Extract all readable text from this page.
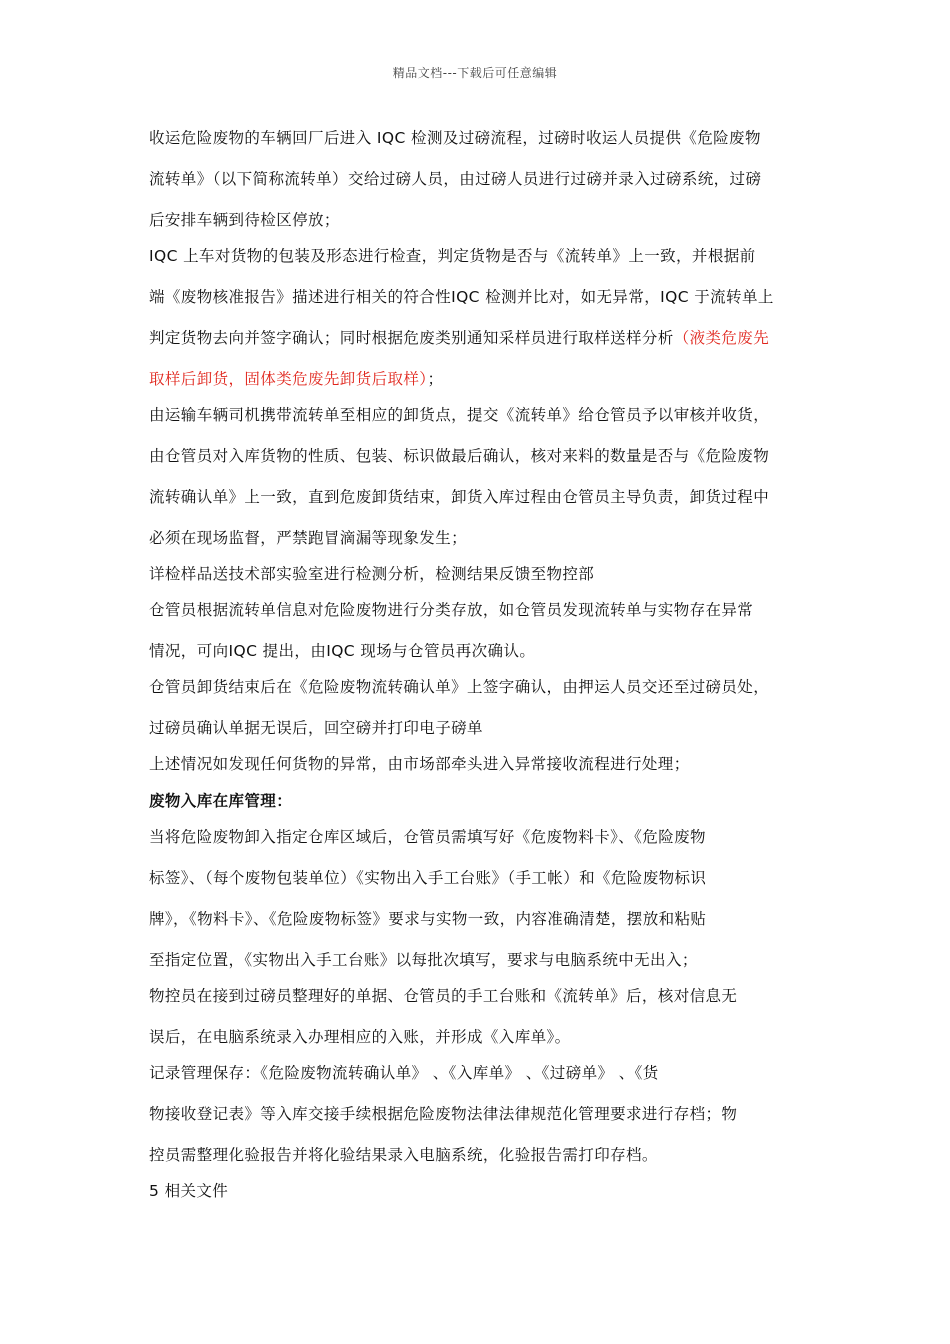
精品文档---下载后可任意编辑
收运危险废物的车辆回厂后进入 IQC 检测及过磅流程，过磅时收运人员提供《危险废物
流转单》（以下简称流转单）交给过磅人员，由过磅人员进行过磅并录入过磅系统，过磅
后安排车辆到待检区停放；
IQC 上车对货物的包装及形态进行检查，判定货物是否与《流转单》上一致，并根据前
端《废物核准报告》描述进行相关的符合性IQC 检测并比对，如无异常，IQC 于流转单上
判定货物去向并签字确认；同时根据危废类别通知采样员进行取样送样分析（液类危废先
取样后卸货，固体类危废先卸货后取样）；
由运输车辆司机携带流转单至相应的卸货点，提交《流转单》给仓管员予以审核并收货，
由仓管员对入库货物的性质、包装、标识做最后确认，核对来料的数量是否与《危险废物
流转确认单》上一致，直到危废卸货结束，卸货入库过程由仓管员主导负责，卸货过程中
必须在现场监督，严禁跑冒滴漏等现象发生；
详检样品送技术部实验室进行检测分析，检测结果反馈至物控部
仓管员根据流转单信息对危险废物进行分类存放，如仓管员发现流转单与实物存在异常
情况，可向IQC 提出，由IQC 现场与仓管员再次确认。
仓管员卸货结束后在《危险废物流转确认单》上签字确认，由押运人员交还至过磅员处，
过磅员确认单据无误后，回空磅并打印电子磅单
上述情况如发现任何货物的异常，由市场部牵头进入异常接收流程进行处理；
废物入库在库管理：
当将危险废物卸入指定仓库区域后，仓管员需填写好《危废物料卡》、《危险废物
标签》、（每个废物包装单位）《实物出入手工台账》（手工帐）和《危险废物标识
牌》，《物料卡》、《危险废物标签》要求与实物一致，内容准确清楚，摆放和粘贴
至指定位置，《实物出入手工台账》以每批次填写，要求与电脑系统中无出入；
物控员在接到过磅员整理好的单据、仓管员的手工台账和《流转单》后，核对信息无
误后，在电脑系统录入办理相应的入账，并形成《入库单》。
记录管理保存：《危险废物流转确认单》 、《入库单》 、《过磅单》 、《货
物接收登记表》等入库交接手续根据危险废物法律法律规范化管理要求进行存档；物
控员需整理化验报告并将化验结果录入电脑系统，化验报告需打印存档。
5 相关文件
